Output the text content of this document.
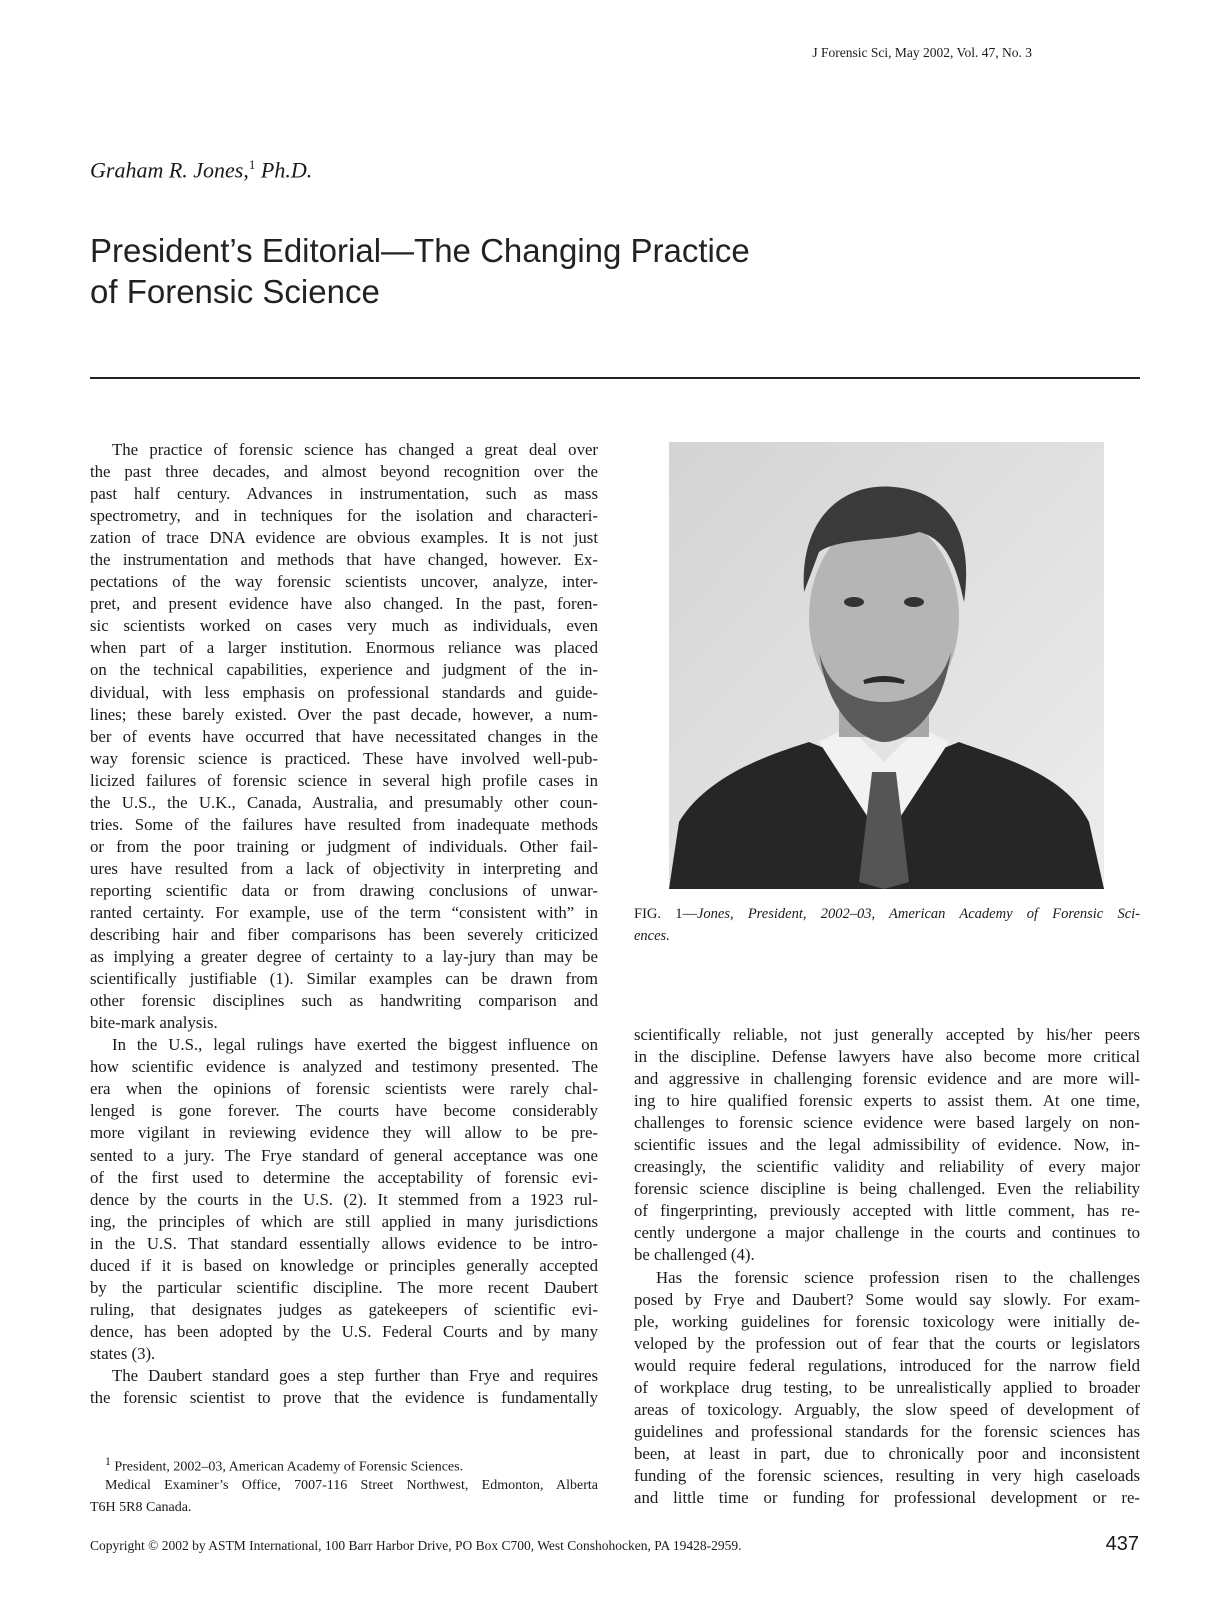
J Forensic Sci, May 2002, Vol. 47, No. 3
Graham R. Jones,$^1$ Ph.D.
President’s Editorial—The Changing Practice
of Forensic Science
The practice of forensic science has changed a great deal over
the past three decades, and almost beyond recognition over the
past half century. Advances in instrumentation, such as mass
spectrometry, and in techniques for the isolation and characteri-
zation of trace DNA evidence are obvious examples. It is not just
the instrumentation and methods that have changed, however. Ex-
pectations of the way forensic scientists uncover, analyze, inter-
pret, and present evidence have also changed. In the past, foren-
sic scientists worked on cases very much as individuals, even
when part of a larger institution. Enormous reliance was placed
on the technical capabilities, experience and judgment of the in-
dividual, with less emphasis on professional standards and guide-
lines; these barely existed. Over the past decade, however, a num-
ber of events have occurred that have necessitated changes in the
way forensic science is practiced. These have involved well-pub-
licized failures of forensic science in several high profile cases in
the U.S., the U.K., Canada, Australia, and presumably other coun-
tries. Some of the failures have resulted from inadequate methods
or from the poor training or judgment of individuals. Other fail-
ures have resulted from a lack of objectivity in interpreting and
reporting scientific data or from drawing conclusions of unwar-
ranted certainty. For example, use of the term “consistent with” in
describing hair and fiber comparisons has been severely criticized
as implying a greater degree of certainty to a lay-jury than may be
scientifically justifiable (1). Similar examples can be drawn from
other forensic disciplines such as handwriting comparison and
bite-mark analysis.
In the U.S., legal rulings have exerted the biggest influence on
how scientific evidence is analyzed and testimony presented. The
era when the opinions of forensic scientists were rarely chal-
lenged is gone forever. The courts have become considerably
more vigilant in reviewing evidence they will allow to be pre-
sented to a jury. The Frye standard of general acceptance was one
of the first used to determine the acceptability of forensic evi-
dence by the courts in the U.S. (2). It stemmed from a 1923 rul-
ing, the principles of which are still applied in many jurisdictions
in the U.S. That standard essentially allows evidence to be intro-
duced if it is based on knowledge or principles generally accepted
by the particular scientific discipline. The more recent Daubert
ruling, that designates judges as gatekeepers of scientific evi-
dence, has been adopted by the U.S. Federal Courts and by many
states (3).
The Daubert standard goes a step further than Frye and requires
the forensic scientist to prove that the evidence is fundamentally
scientifically reliable, not just generally accepted by his/her peers
in the discipline. Defense lawyers have also become more critical
and aggressive in challenging forensic evidence and are more will-
ing to hire qualified forensic experts to assist them. At one time,
challenges to forensic science evidence were based largely on non-
scientific issues and the legal admissibility of evidence. Now, in-
creasingly, the scientific validity and reliability of every major
forensic science discipline is being challenged. Even the reliability
of fingerprinting, previously accepted with little comment, has re-
cently undergone a major challenge in the courts and continues to
be challenged (4).
Has the forensic science profession risen to the challenges
posed by Frye and Daubert? Some would say slowly. For exam-
ple, working guidelines for forensic toxicology were initially de-
veloped by the profession out of fear that the courts or legislators
would require federal regulations, introduced for the narrow field
of workplace drug testing, to be unrealistically applied to broader
areas of toxicology. Arguably, the slow speed of development of
guidelines and professional standards for the forensic sciences has
been, at least in part, due to chronically poor and inconsistent
funding of the forensic sciences, resulting in very high caseloads
and little time or funding for professional development or re-
FIG. 1—Jones, President, 2002–03, American Academy of Forensic Sci-
ences.
$^1$ President, 2002–03, American Academy of Forensic Sciences.
Medical Examiner’s Office, 7007-116 Street Northwest, Edmonton, Alberta
T6H 5R8 Canada.
Copyright © 2002 by ASTM International, 100 Barr Harbor Drive, PO Box C700, West Conshohocken, PA 19428-2959.	437
